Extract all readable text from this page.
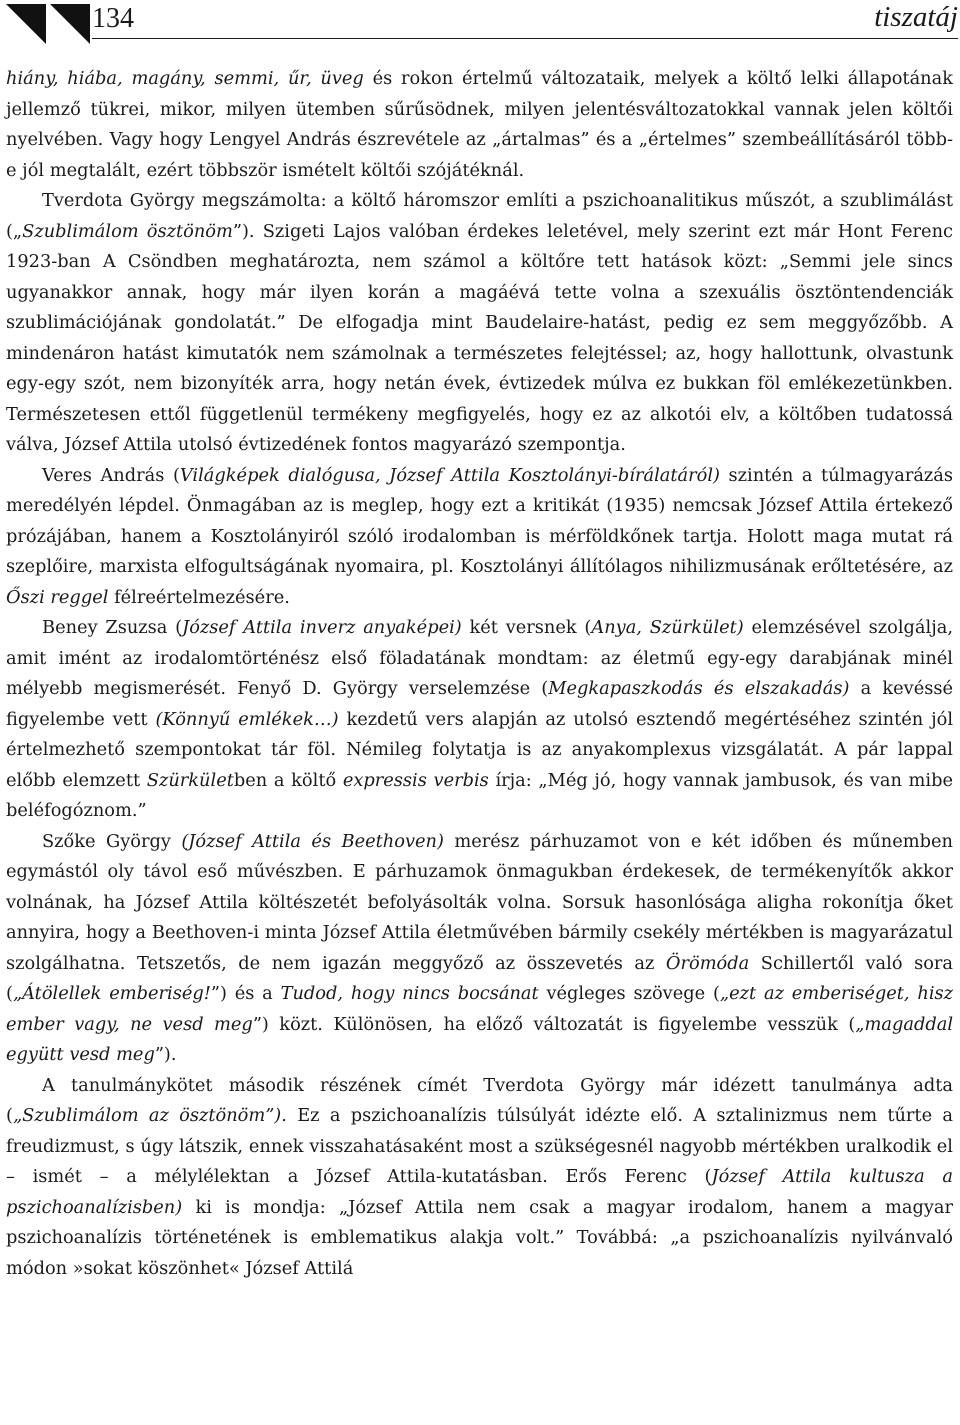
134	tiszatáj

hiány, hiába, magány, semmi, űr, üveg és rokon értelmű változataik, melyek a költő lelki állapotának jellemző tükrei, mikor, milyen ütemben sűrűsödnek, milyen jelentésváltozatokkal vannak jelen költői nyelvében. Vagy hogy Lengyel András észrevétele az „ártalmas” és a „értelmes” szembeállításáról több-e jól megtalált, ezért többször ismételt költői szójátéknál.

Tverdota György megszámolta: a költő háromszor említi a pszichoanalitikus műszót, a szublimálást („Szublimálom ösztönöm”). Szigeti Lajos valóban érdekes leletével, mely szerint ezt már Hont Ferenc 1923-ban A Csöndben meghatározta, nem számol a költőre tett hatások közt: „Semmi jele sincs ugyanakkor annak, hogy már ilyen korán a magáévá tette volna a szexuális ösztöntendenciák szublimációjának gondolatát.” De elfogadja mint Baudelaire-hatást, pedig ez sem meggyőzőbb. A mindenáron hatást kimutatók nem számolnak a természetes felejtéssel; az, hogy hallottunk, olvastunk egy-egy szót, nem bizonyíték arra, hogy netán évek, évtizedek múlva ez bukkan föl emlékezetünkben. Természetesen ettől függetlenül termékeny megfigyelés, hogy ez az alkotói elv, a költőben tudatossá válva, József Attila utolsó évtizedének fontos magyarázó szempontja.

Veres András (Világképek dialógusa, József Attila Kosztolányi-bírálatáról) szintén a túlmagyarázás meredélyén lépdel. Önmagában az is meglep, hogy ezt a kritikát (1935) nemcsak József Attila értekező prózájában, hanem a Kosztolányiról szóló irodalomban is mérföldkőnek tartja. Holott maga mutat rá szeplőire, marxista elfogultságának nyomaira, pl. Kosztolányi állítólagos nihilizmusának erőltetésére, az Őszi reggel félreértelmezésére.

Beney Zsuzsa (József Attila inverz anyaképei) két versnek (Anya, Szürkület) elemzésével szolgálja, amit imént az irodalomtörténész első föladatának mondtam: az életmű egy-egy darabjának minél mélyebb megismerését. Fenyő D. György verselemzése (Megkapaszkodás és elszakadás) a kevéssé figyelembe vett (Könnyű emlékek…) kezdetű vers alapján az utolsó esztendő megértéséhez szintén jól értelmezhető szempontokat tár föl. Némileg folytatja is az anyakomplexus vizsgálatát. A pár lappal előbb elemzett Szürkületben a költő expressis verbis írja: „Még jó, hogy vannak jambusok, és van mibe beléfogóznom.”

Szőke György (József Attila és Beethoven) merész párhuzamot von e két időben és műnemben egymástól oly távol eső művészben. E párhuzamok önmagukban érdekesek, de termékenyítők akkor volnának, ha József Attila költészetét befolyásolták volna. Sorsuk hasonlósága aligha rokonítja őket annyira, hogy a Beethoven-i minta József Attila életművében bármily csekély mértékben is magyarázatul szolgálhatna. Tetszetős, de nem igazán meggyőző az összevetés az Örömóda Schillertől való sora („Átölellek emberiség!”) és a Tudod, hogy nincs bocsánat végleges szövege („ezt az emberiséget, hisz ember vagy, ne vesd meg”) közt. Különösen, ha előző változatát is figyelembe vesszük („magaddal együtt vesd meg”).

A tanulmánykötet második részének címét Tverdota György már idézett tanulmánya adta („Szublimálom az ösztönöm”). Ez a pszichoanalízis túlsúlyát idézte elő. A sztalinizmus nem tűrte a freudizmust, s úgy látszik, ennek visszahatásaként most a szükségesnél nagyobb mértékben uralkodik el – ismét – a mélylélektan a József Attila-kutatásban. Erős Ferenc (József Attila kultusza a pszichoanalízisben) ki is mondja: „József Attila nem csak a magyar irodalom, hanem a magyar pszichoanalízis történetének is emblematikus alakja volt.” Továbbá: „a pszichoanalízis nyilvánvaló módon »sokat köszönhet« József Attilá
